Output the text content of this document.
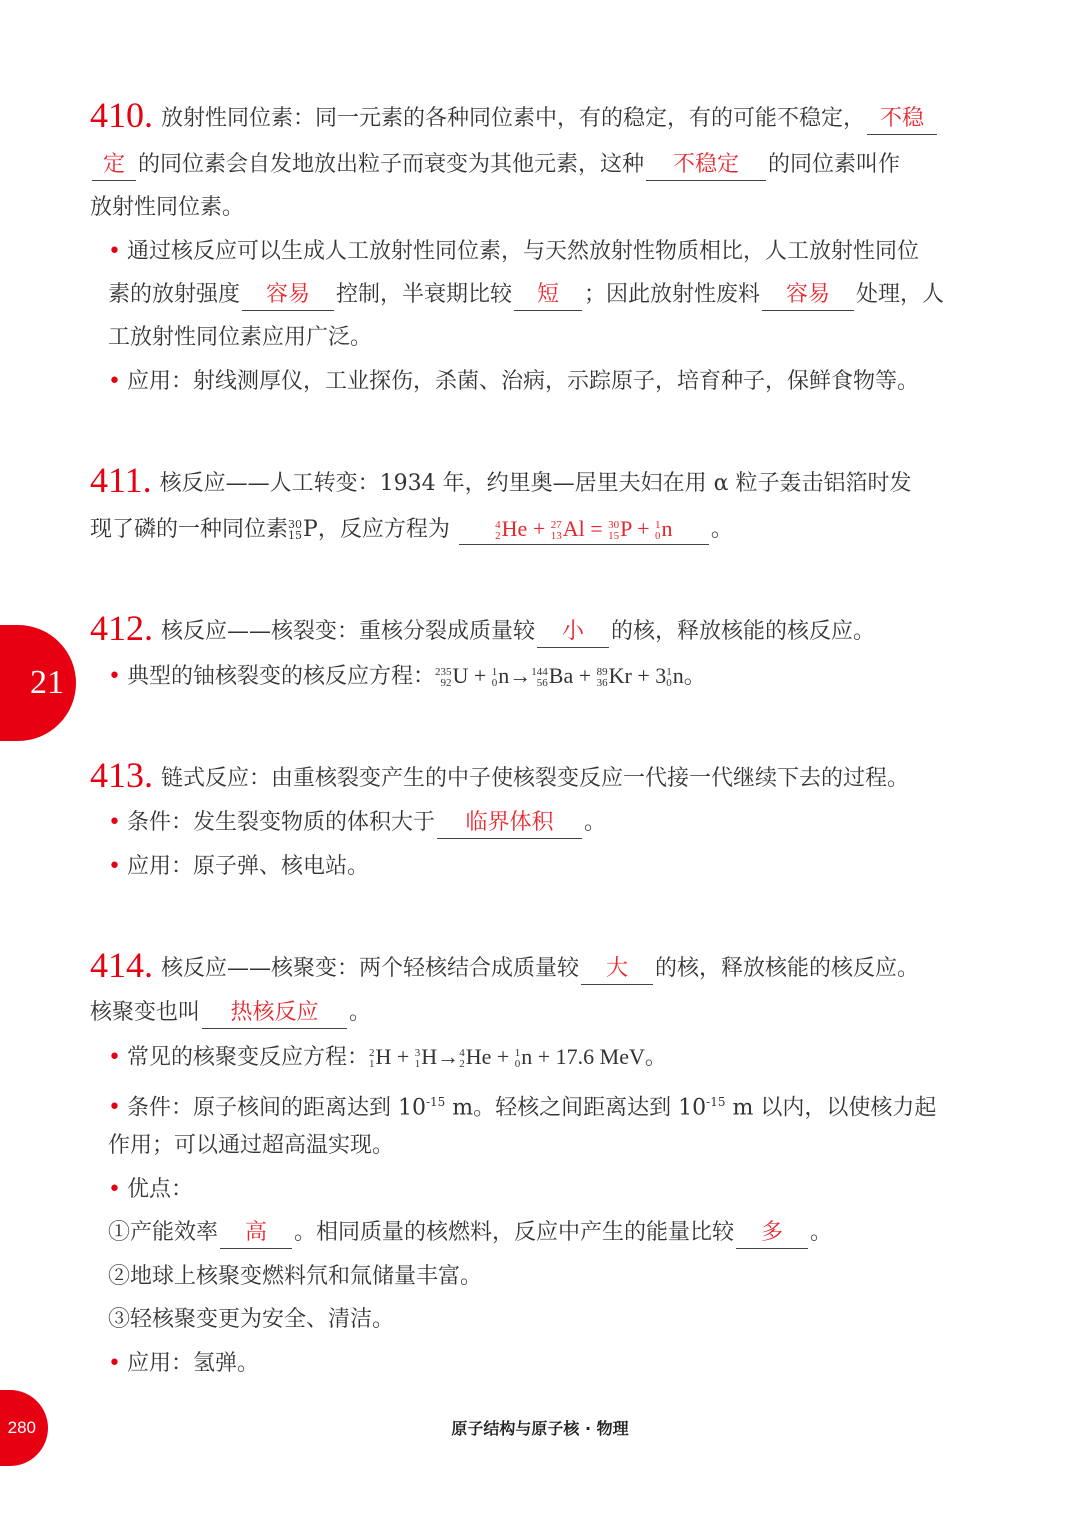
410. 放射性同位素：同一元素的各种同位素中，有的稳定，有的可能不稳定， 不稳
定 的同位素会自发地放出粒子而衰变为其他元素，这种 不稳定 的同位素叫作
放射性同位素。
• 通过核反应可以生成人工放射性同位素，与天然放射性物质相比，人工放射性同位
素的放射强度 容易 控制，半衰期比较 短 ；因此放射性废料 容易 处理，人
工放射性同位素应用广泛。
• 应用：射线测厚仪，工业探伤，杀菌、治病，示踪原子，培育种子，保鲜食物等。
411. 核反应——人工转变：1934 年，约里奥—居里夫妇在用 α 粒子轰击铝箔时发
现了磷的一种同位素 30
15 P，反应方程为	4
2 He + 27
13 Al = 30
15 P + 1
0 n 。
412. 核反应——核裂变：重核分裂成质量较 小 的核，释放核能的核反应。
• 典型的铀核裂变的核反应方程： 235
92 U + 1
0 n→ 144
56 Ba + 89
36 Kr + 3 1
0 n。
413. 链式反应：由重核裂变产生的中子使核裂变反应一代接一代继续下去的过程。
• 条件：发生裂变物质的体积大于 临界体积 。
• 应用：原子弹、核电站。
414. 核反应——核聚变：两个轻核结合成质量较 大 的核，释放核能的核反应。
核聚变也叫 热核反应 。
• 常见的核聚变反应方程： 2
1 H + 3
1 H→ 4
2 He + 1
0 n + 17.6 MeV。
• 条件：原子核间的距离达到 $10^{-15}$ m。轻核之间距离达到 $10^{-15}$ m 以内，以使核力起
作用；可以通过超高温实现。
• 优点：
①产能效率 高 。相同质量的核燃料，反应中产生的能量比较 多 。
②地球上核聚变燃料氘和氚储量丰富。
③轻核聚变更为安全、清洁。
• 应用：氢弹。
21
280	原子结构与原子核 · 物理
